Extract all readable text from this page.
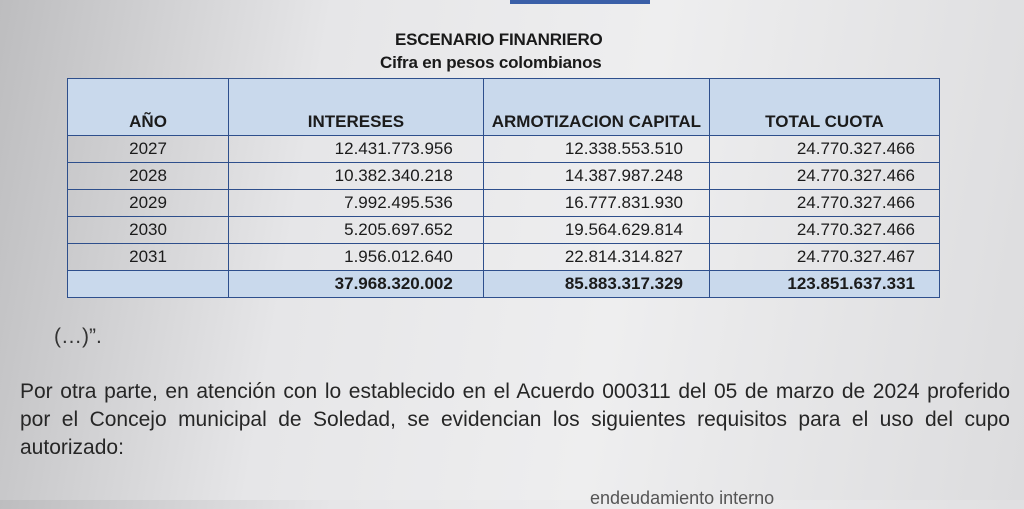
ESCENARIO FINANRIERO
Cifra en pesos colombianos
AÑO	INTERESES	ARMOTIZACION CAPITAL	TOTAL CUOTA
2027	12.431.773.956	12.338.553.510	24.770.327.466
2028	10.382.340.218	14.387.987.248	24.770.327.466
2029	7.992.495.536	16.777.831.930	24.770.327.466
2030	5.205.697.652	19.564.629.814	24.770.327.466
2031	1.956.012.640	22.814.314.827	24.770.327.467
	37.968.320.002	85.883.317.329	123.851.637.331
(…)”.
Por otra parte, en atención con lo establecido en el Acuerdo 000311 del 05 de marzo de 2024 proferido por el Concejo municipal de Soledad, se evidencian los siguientes requisitos para el uso del cupo autorizado:
endeudamiento interno
